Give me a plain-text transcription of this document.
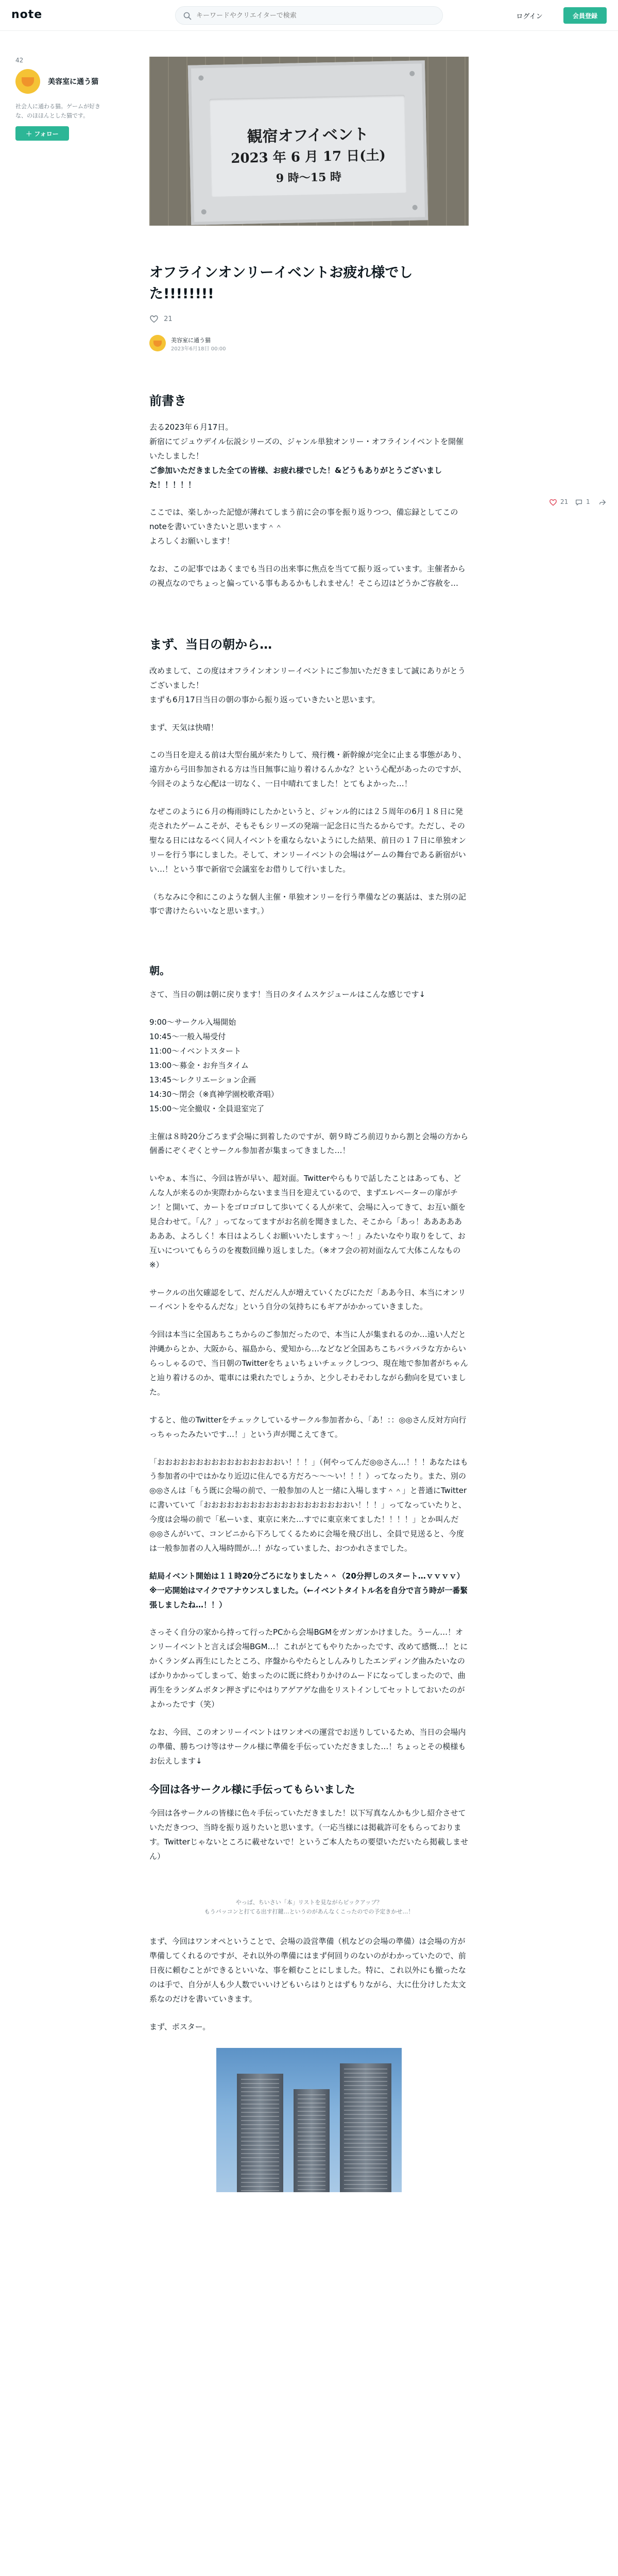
note
キーワードやクリエイターで検索	ログイン	会員登録
42
美容室に通う猫
社会人に通わる猫。ゲームが好きな、のほほんとした猫です。
＋ フォロー	観宿オフイベント
2023 年 6 月 17 日(土)
9 時〜15 時
オフラインオンリーイベントお疲れ様でした!!!!!!!!
21
美容室に通う猫
2023年6月18日 00:00
21	1
前書き

去る2023年６月17日。

新宿にてジュウデイル伝説シリーズの、ジャンル単独オンリー・オフラインイベントを開催いたしました！

ご参加いただきました全ての皆様、お疲れ様でした！&どうもありがとうございました！！！！！

ここでは、楽しかった記憶が薄れてしまう前に会の事を振り返りつつ、備忘録としてこのnoteを書いていきたいと思います＾＾

よろしくお願いします！

なお、この記事ではあくまでも当日の出来事に焦点を当てて振り返っています。主催者からの視点なのでちょっと偏っている事もあるかもしれません！そこら辺はどうかご容赦を…

まず、当日の朝から…

改めまして、この度はオフラインオンリーイベントにご参加いただきまして誠にありがとうございました！

まずも6月17日当日の朝の事から振り返っていきたいと思います。

まず、天気は快晴！

この当日を迎える前は大型台風が来たりして、飛行機・新幹線が完全に止まる事態があり、遠方から弓田参加される方は当日無事に辿り着けるんかな？という心配があったのですが、今回そのような心配は一切なく、一日中晴れてました！とてもよかった…！

なぜこのように６月の梅雨時にしたかというと、ジャンル的には２５周年の6月１８日に発売されたゲームこそが、そもそもシリーズの発端一記念日に当たるからです。ただし、その聖なる日にはなるべく同人イベントを重ならないようにした結果、前日の１７日に単独オンリーを行う事にしました。そして、オンリーイベントの会場はゲームの舞台である新宿がいい…！という事で新宿で会議室をお借りして行いました。

（ちなみに令和にこのような個人主催・単独オンリーを行う準備などの裏話は、また別の記事で書けたらいいなと思います。）

朝。

さて、当日の朝は朝に戻ります！当日のタイムスケジュールはこんな感じです↓

9:00〜サークル入場開始
10:45〜一般入場受付
11:00〜イベントスタート
13:00〜募金・お弁当タイム
13:45〜レクリエーション企画
14:30〜閉会（※真神学園校歌斉唱）
15:00〜完全撤収・全員退室完了

主催は８時20分ごろまず会場に到着したのですが、朝９時ごろ前辺りから割と会場の方から個番にぞくぞくとサークル参加者が集まってきました…！

いやぁ、本当に、今回は皆が早い、超対面。Twitterやらもりで話したことはあっても、どんな人が来るのか実際わからないまま当日を迎えているので、まずエレベーターの扉がチン！と開いて、カートをゴロゴロして歩いてくる人が来て、会場に入ってきて、お互い顔を見合わせて。「ん？」ってなってますがお名前を聞きました、そこから「あっ！ああああああああ、よろしく！本日はよろしくお願いいたしますぅ〜！」みたいなやり取りをして、お互いについてもらうのを複数回繰り返しました。（※オフ会の初対面なんて大体こんなもの※）

サークルの出欠確認をして、だんだん人が増えていくたびにただ「ああ今日、本当にオンリーイベントをやるんだな」という自分の気持ちにもギアがかかっていきました。

今回は本当に全国あちこちからのご参加だったので、本当に人が集まれるのか…遠い人だと沖縄からとか、大阪から、福島から、愛知から…などなど全国あちこちバラバラな方からいらっしゃるので、当日朝のTwitterをちょいちょいチェックしつつ、現在地で参加者がちゃんと辿り着けるのか、電車には乗れたでしょうか、と少しそわそわしながら動向を見ていました。

すると、他のTwitterをチェックしているサークル参加者から、「あ！：：◎◎さん反対方向行っちゃったみたいです…！」という声が聞こえてきて。

「おおおおおおおおおおおおおおおおい！！！」（何やってんだ◎◎さん…！！！あなたはもう参加者の中ではかなり近辺に住んでる方だろ〜〜〜い！！！）ってなったり。また、別の◎◎さんは「もう既に会場の前で、一般参加の人と一緒に入場します＾＾」と普通にTwitterに書いていて「おおおおおおおおおおおおおおおおおおおい！！！」ってなっていたりと、今度は会場の前で「私ーいま、東京に来た…すでに東京来てました！！！！」とか叫んだ◎◎さんがいて、コンビニから下ろしてくるために会場を飛び出し、全員で見送ると、今度は一般参加者の人入場時間が…！がなっていました、おつかれさまでした。

結局イベント開始は１１時20分ごろになりました＾＾（20分押しのスタート…ｖｖｖｖ）※一応開始はマイクでアナウンスしました。（←イベントタイトル名を自分で言う時が一番緊張しましたね…！！）

さっそく自分の家から持って行ったPCから会場BGMをガンガンかけました。うーん…！オンリーイベントと言えば会場BGM…！これがとてもやりたかったです、改めて感慨…！とにかくランダム再生にしたところ、序盤からやたらとしんみりしたエンディング曲みたいなのばかりかかってしまって、始まったのに既に終わりかけのムードになってしまったので、曲再生をランダムボタン押さずにやはりアゲアゲな曲をリストインしてセットしておいたのがよかったです（笑）

なお、今回、このオンリーイベントはワンオペの運営でお送りしているため、当日の会場内の準備、勝ちつけ等はサークル様に準備を手伝っていただきました…！ちょっとその模様もお伝えします↓

今回は各サークル様に手伝ってもらいました

今回は各サークルの皆様に色々手伝っていただきました！以下写真なんかも少し紹介させていただきつつ、当時を振り返りたいと思います。（一応当様には掲載許可をもらっております。Twitterじゃないところに載せないで！というご本人たちの要望いただいたら掲載しません）

やっぱ、ちいさい「本」リストを見ながらピックアップ？
もうバッコンと打てる出す打鍵…というのがあんなくこったのでの予定きかせ…！

まず、今回はワンオペということで、会場の設営準備（机などの会場の準備）は会場の方が準備してくれるのですが、それ以外の準備にはまず何回りのないのがわかっていたので、前日夜に頼むことができるといいな、事を頼むことにしました。特に、これ以外にも撤ったなのは手で、自分が人も少人数でいいけどもいらはりとはずもりながら、大に仕分けした太文系なのだけを書いていきます。

まず、ポスター。
